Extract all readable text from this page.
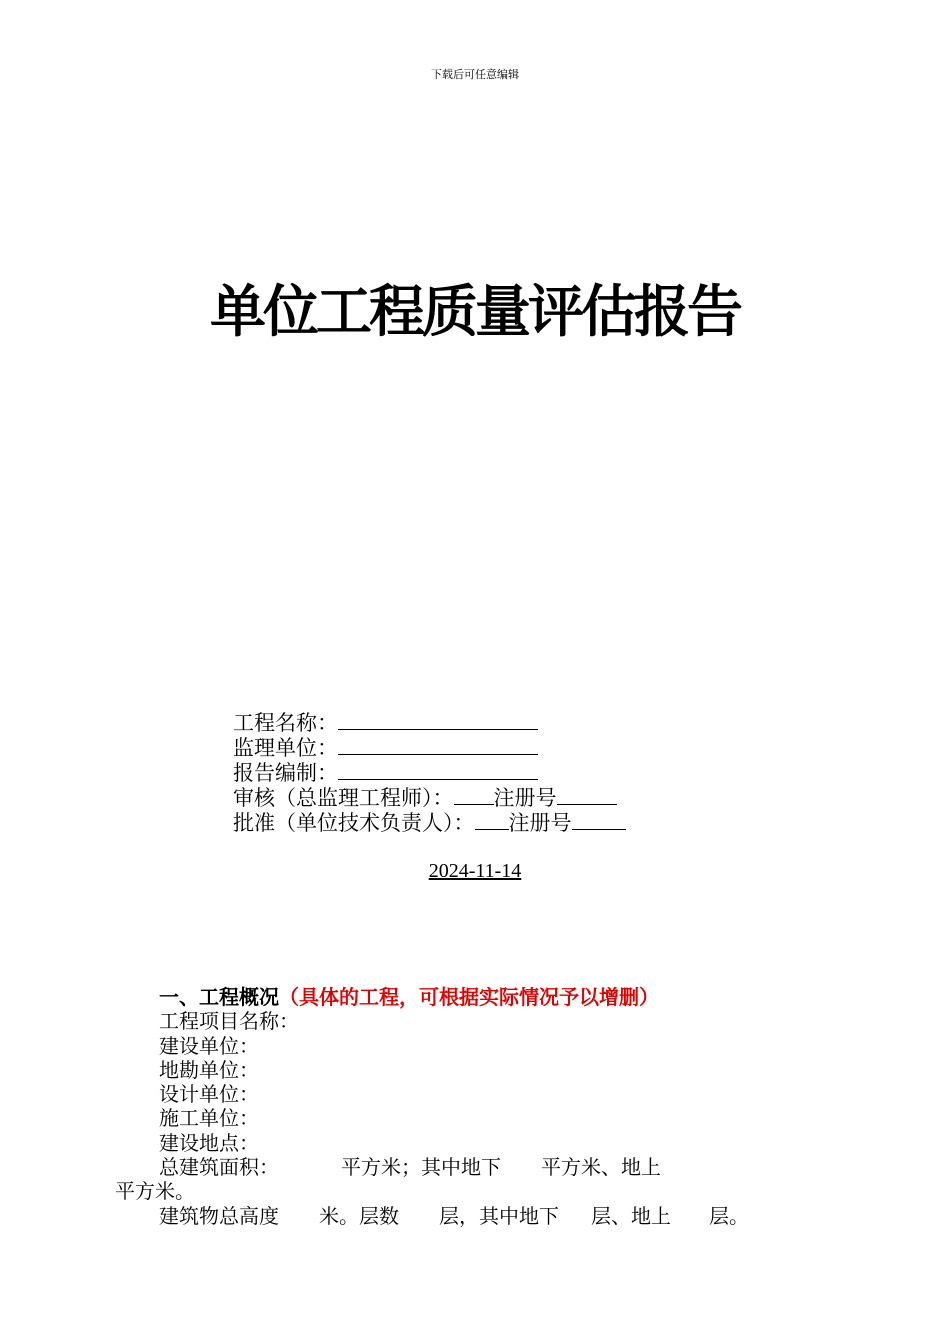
下载后可任意编辑
单位工程质量评估报告
工程名称：
监理单位：
报告编制：
审核（总监理工程师）： 注册号
批准（单位技术负责人）： 注册号
2024-11-14
一、工程概况（具体的工程，可根据实际情况予以增删）
工程项目名称：
建设单位：
地勘单位：
设计单位：
施工单位：
建设地点：
总建筑面积：	平方米；其中地下 平方米、地上
平方米。
建筑物总高度 米。层数 层，其中地下 层、地上 层。
